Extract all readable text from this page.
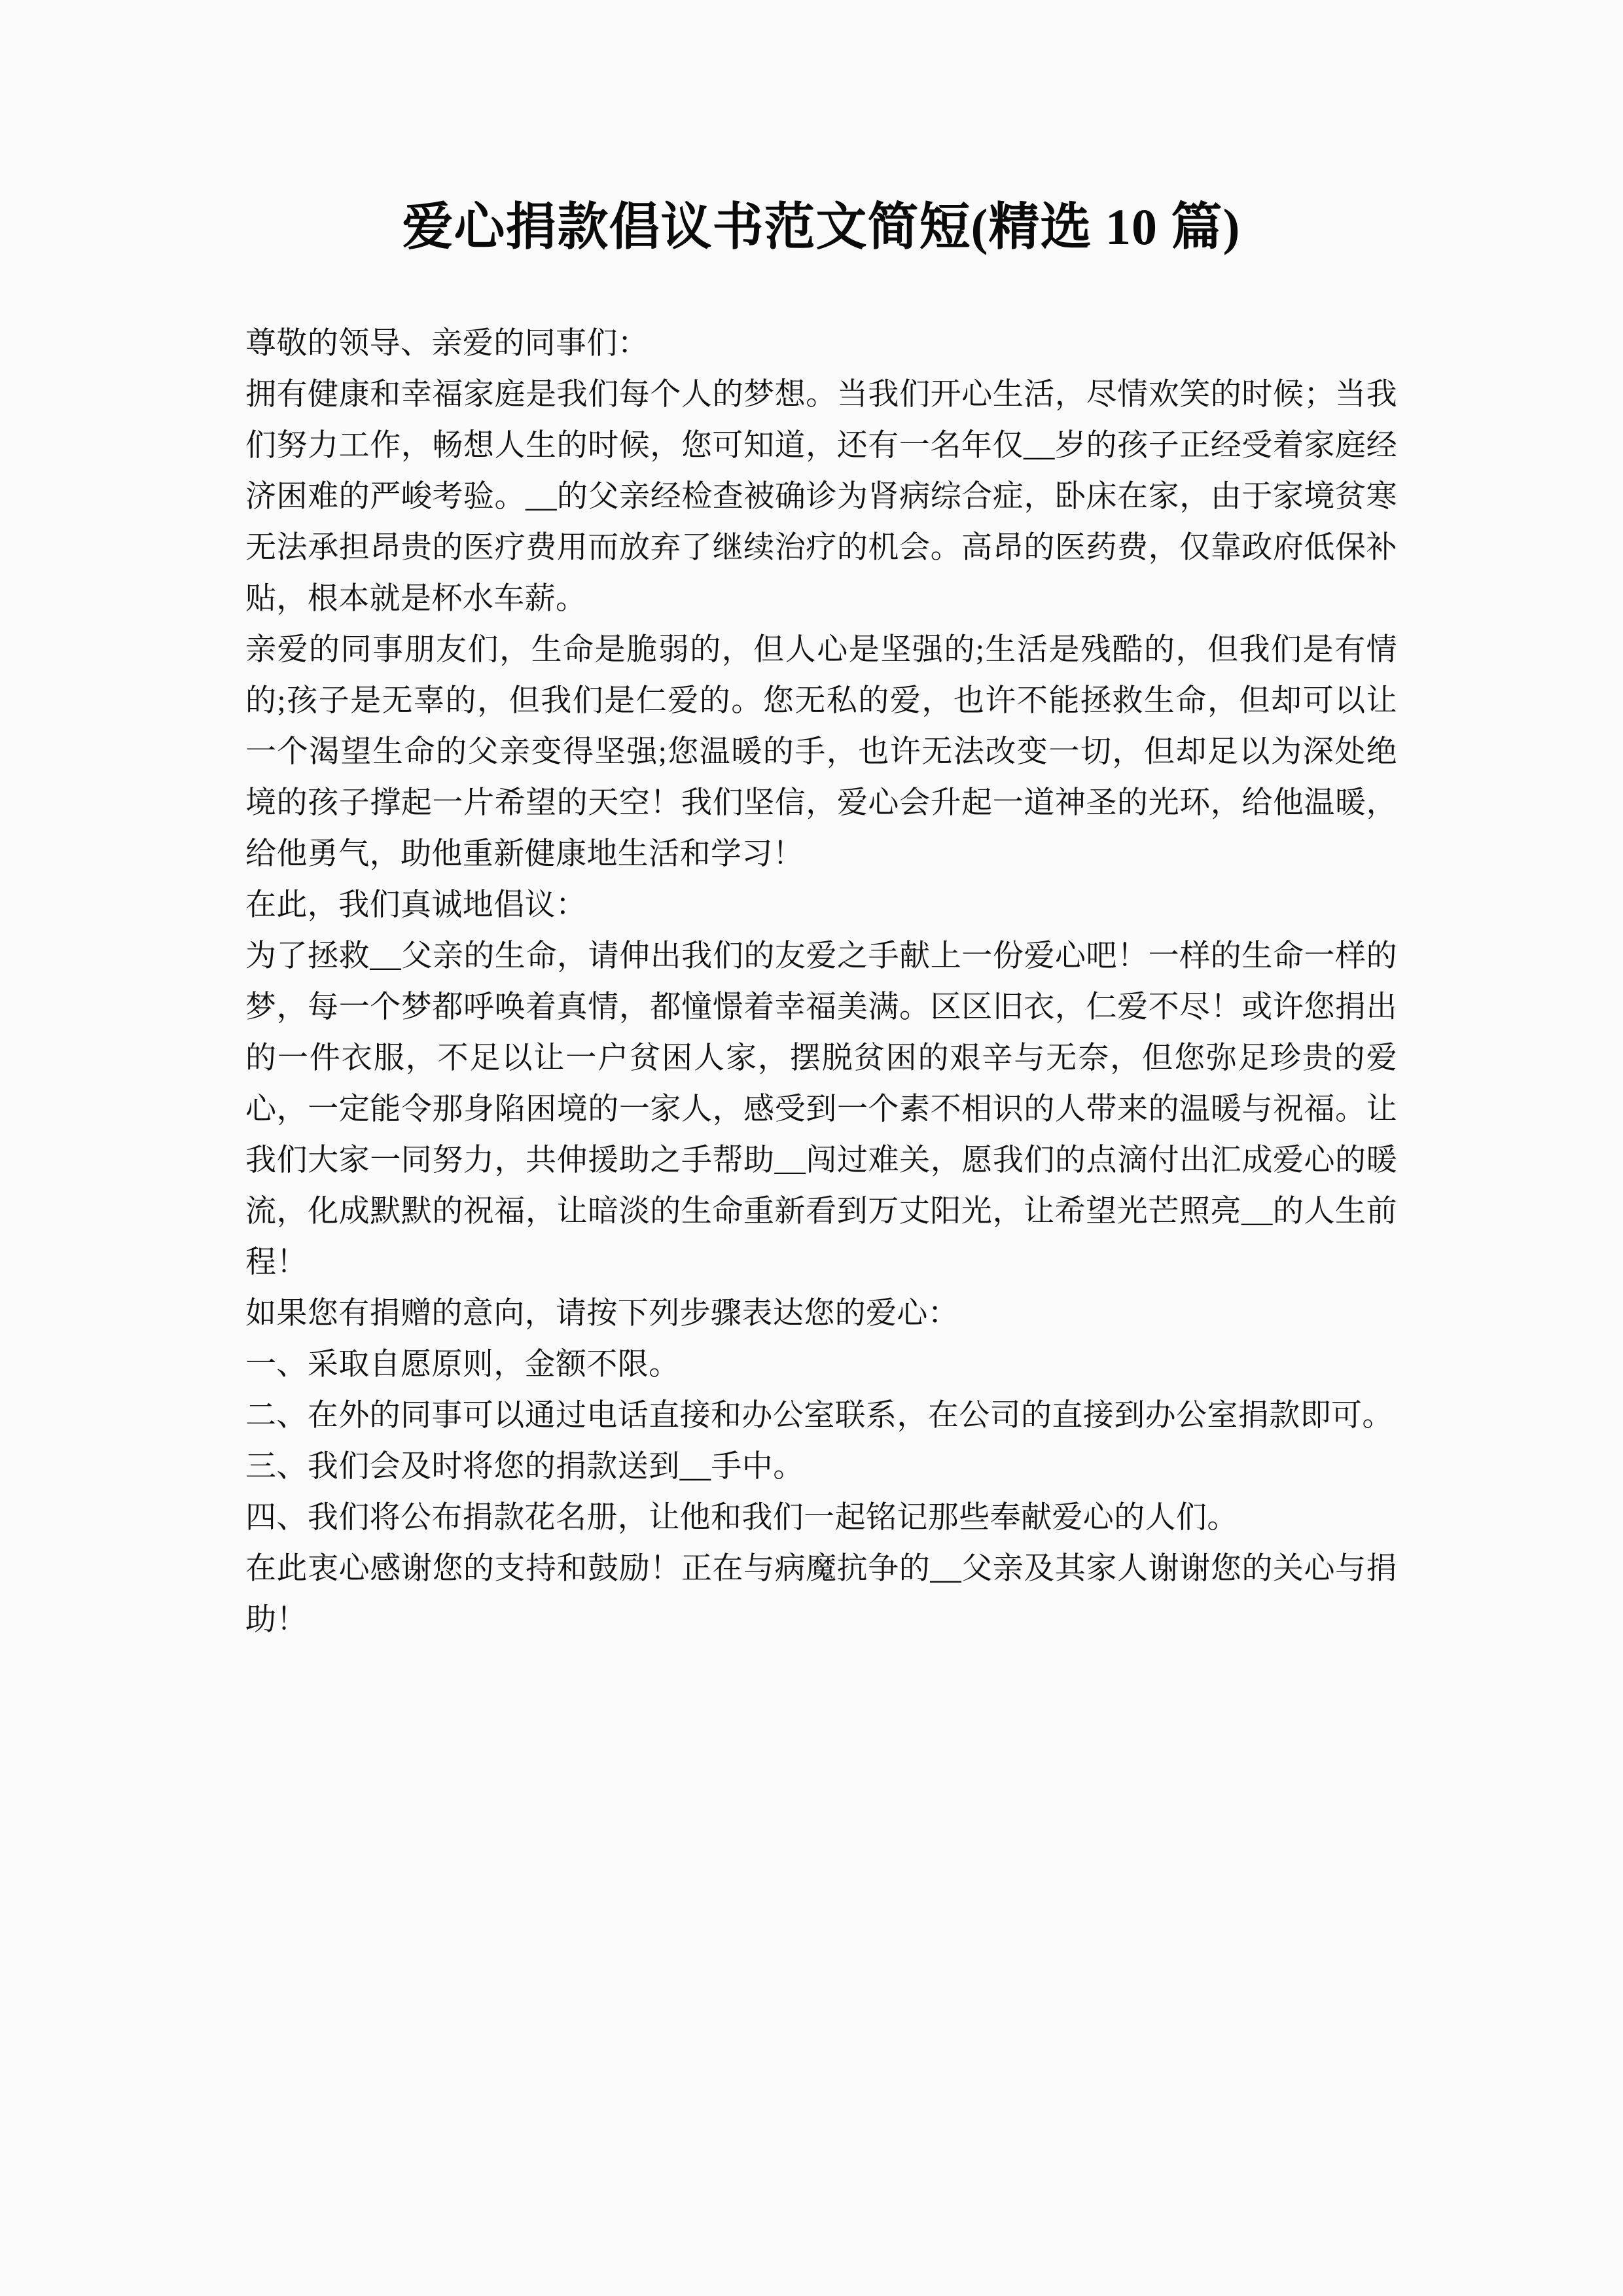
爱心捐款倡议书范文简短(精选 10 篇)

尊敬的领导、亲爱的同事们：

拥有健康和幸福家庭是我们每个人的梦想。当我们开心生活，尽情欢笑的时候；当我们努力工作，畅想人生的时候，您可知道，还有一名年仅__岁的孩子正经受着家庭经济困难的严峻考验。__的父亲经检查被确诊为肾病综合症，卧床在家，由于家境贫寒无法承担昂贵的医疗费用而放弃了继续治疗的机会。高昂的医药费，仅靠政府低保补贴，根本就是杯水车薪。

亲爱的同事朋友们，生命是脆弱的，但人心是坚强的;生活是残酷的，但我们是有情的;孩子是无辜的，但我们是仁爱的。您无私的爱，也许不能拯救生命，但却可以让一个渴望生命的父亲变得坚强;您温暖的手，也许无法改变一切，但却足以为深处绝境的孩子撑起一片希望的天空！我们坚信，爱心会升起一道神圣的光环，给他温暖，给他勇气，助他重新健康地生活和学习！

在此，我们真诚地倡议：

为了拯救__父亲的生命，请伸出我们的友爱之手献上一份爱心吧！一样的生命一样的梦，每一个梦都呼唤着真情，都憧憬着幸福美满。区区旧衣，仁爱不尽！或许您捐出的一件衣服，不足以让一户贫困人家，摆脱贫困的艰辛与无奈，但您弥足珍贵的爱心，一定能令那身陷困境的一家人，感受到一个素不相识的人带来的温暖与祝福。让我们大家一同努力，共伸援助之手帮助__闯过难关，愿我们的点滴付出汇成爱心的暖流，化成默默的祝福，让暗淡的生命重新看到万丈阳光，让希望光芒照亮__的人生前程！

如果您有捐赠的意向，请按下列步骤表达您的爱心：

一、采取自愿原则，金额不限。

二、在外的同事可以通过电话直接和办公室联系，在公司的直接到办公室捐款即可。

三、我们会及时将您的捐款送到__手中。

四、我们将公布捐款花名册，让他和我们一起铭记那些奉献爱心的人们。

在此衷心感谢您的支持和鼓励！正在与病魔抗争的__父亲及其家人谢谢您的关心与捐助！
